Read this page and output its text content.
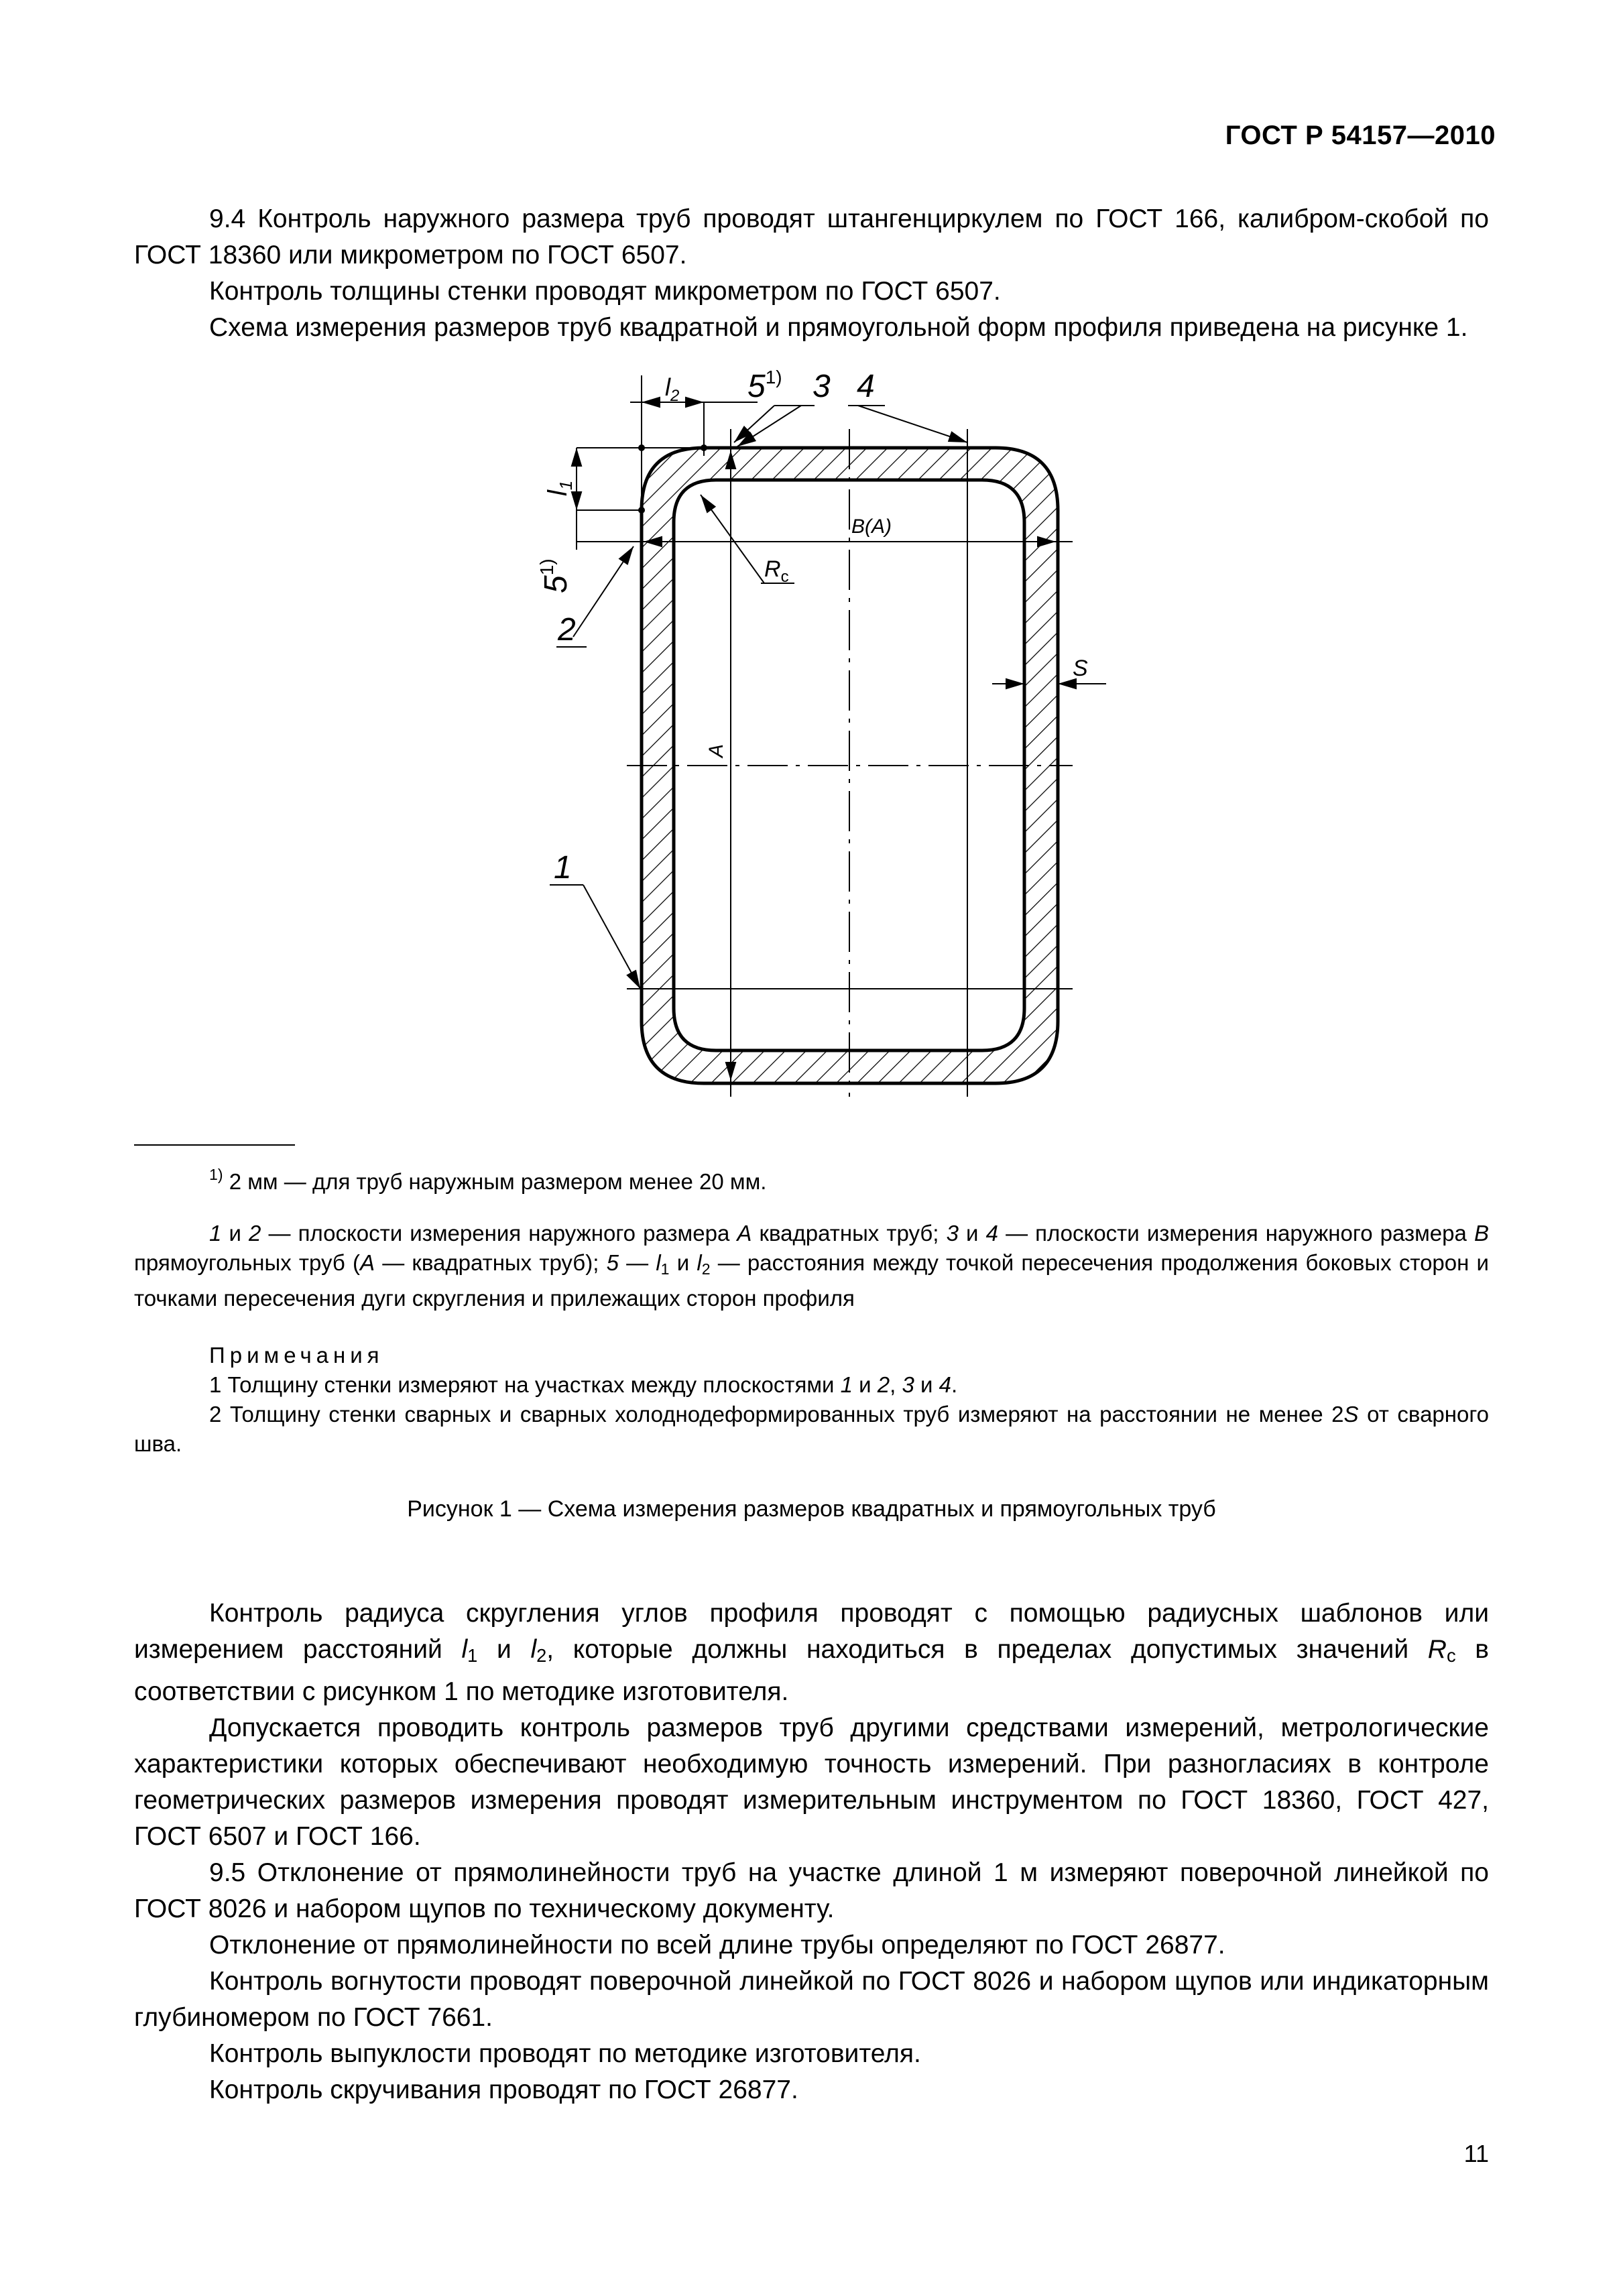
ГОСТ Р 54157—2010

9.4 Контроль наружного размера труб проводят штангенциркулем по ГОСТ 166, калибром-скобой по ГОСТ 18360 или микрометром по ГОСТ 6507.

Контроль толщины стенки проводят микрометром по ГОСТ 6507.

Схема измерения размеров труб квадратной и прямоугольной форм профиля приведена на рисунке 1.

$l_2$ 5$^{1)}$ 3 4
$l_1$
5$^{1)}$
2
1
B(A)
$R_c$
S
A

$^{1)}$ 2 мм — для труб наружным размером менее 20 мм.

1 и 2 — плоскости измерения наружного размера А квадратных труб; 3 и 4 — плоскости измерения наружного размера В прямоугольных труб (А — квадратных труб); 5 — $l_1$ и $l_2$ — расстояния между точкой пересечения продолжения боковых сторон и точками пересечения дуги скругления и прилежащих сторон профиля

Примечания

1 Толщину стенки измеряют на участках между плоскостями 1 и 2, 3 и 4.

2 Толщину стенки сварных и сварных холоднодеформированных труб измеряют на расстоянии не менее 2S от сварного шва.

Рисунок 1 — Схема измерения размеров квадратных и прямоугольных труб

Контроль радиуса скругления углов профиля проводят с помощью радиусных шаблонов или измерением расстояний $l_1$ и $l_2$, которые должны находиться в пределах допустимых значений $R_c$ в соответствии с рисунком 1 по методике изготовителя.

Допускается проводить контроль размеров труб другими средствами измерений, метрологические характеристики которых обеспечивают необходимую точность измерений. При разногласиях в контроле геометрических размеров измерения проводят измерительным инструментом по ГОСТ 18360, ГОСТ 427, ГОСТ 6507 и ГОСТ 166.

9.5 Отклонение от прямолинейности труб на участке длиной 1 м измеряют поверочной линейкой по ГОСТ 8026 и набором щупов по техническому документу.

Отклонение от прямолинейности по всей длине трубы определяют по ГОСТ 26877.

Контроль вогнутости проводят поверочной линейкой по ГОСТ 8026 и набором щупов или индикаторным глубиномером по ГОСТ 7661.

Контроль выпуклости проводят по методике изготовителя.

Контроль скручивания проводят по ГОСТ 26877.

11
